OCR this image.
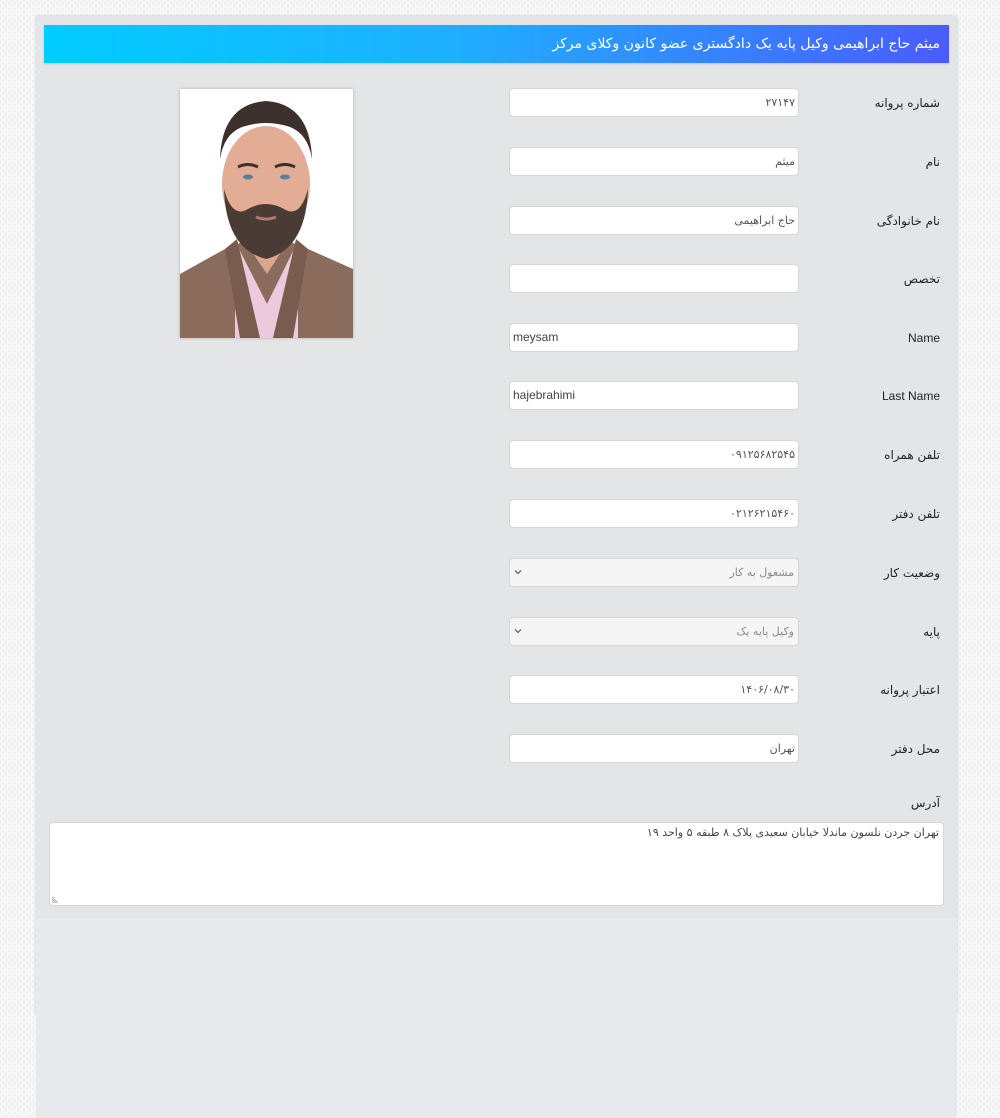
میثم حاج ابراهیمی وکیل پایه یک دادگستری عضو کانون وکلای مرکز
شماره پروانه
۲۷۱۴۷
نام
میثم
نام خانوادگی
حاج ابراهیمی
تخصص
Name
meysam
Last Name
hajebrahimi
تلفن همراه
۰۹۱۲۵۶۸۲۵۴۵
تلفن دفتر
۰۲۱۲۶۲۱۵۴۶۰
وضعیت کار
مشغول به کار
پایه
وکیل پایه یک
اعتبار پروانه
۱۴۰۶/۰۸/۳۰
محل دفتر
تهران
آدرس
تهران جردن نلسون ماندلا خیابان سعیدی پلاک ۸ طبقه ۵ واحد ۱۹
